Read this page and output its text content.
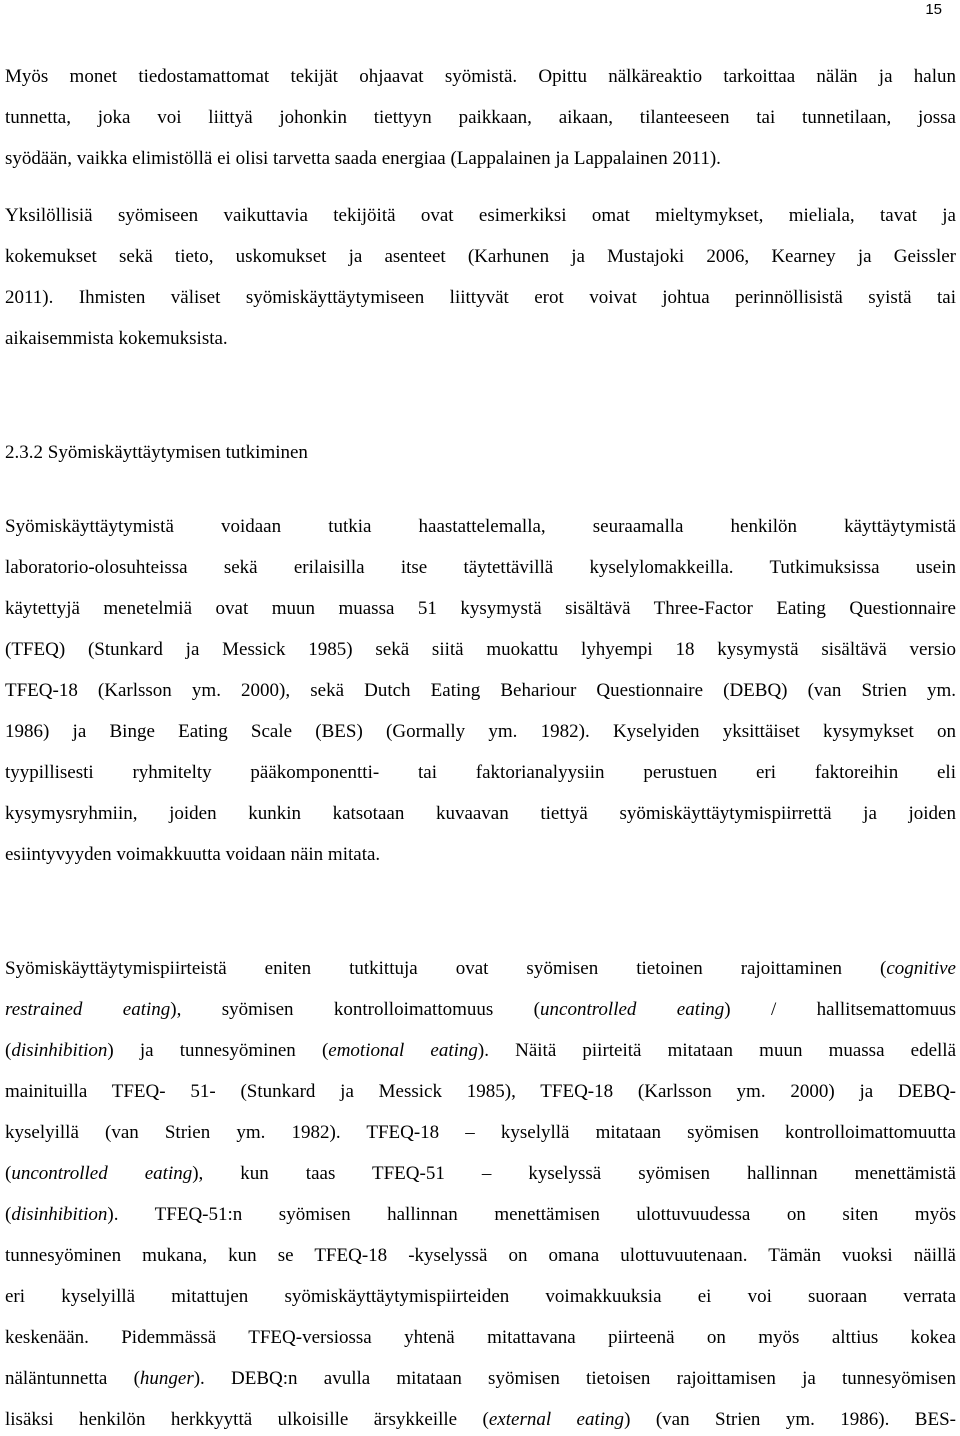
15
Myös monet tiedostamattomat tekijät ohjaavat syömistä. Opittu nälkäreaktio tarkoittaa nälän ja halun
tunnetta, joka voi liittyä johonkin tiettyyn paikkaan, aikaan, tilanteeseen tai tunnetilaan, jossa
syödään, vaikka elimistöllä ei olisi tarvetta saada energiaa (Lappalainen ja Lappalainen 2011).
Yksilöllisiä syömiseen vaikuttavia tekijöitä ovat esimerkiksi omat mieltymykset, mieliala, tavat ja
kokemukset sekä tieto, uskomukset ja asenteet (Karhunen ja Mustajoki 2006, Kearney ja Geissler
2011). Ihmisten väliset syömiskäyttäytymiseen liittyvät erot voivat johtua perinnöllisistä syistä tai
aikaisemmista kokemuksista.
2.3.2 Syömiskäyttäytymisen tutkiminen
Syömiskäyttäytymistä voidaan tutkia haastattelemalla, seuraamalla henkilön käyttäytymistä
laboratorio-olosuhteissa sekä erilaisilla itse täytettävillä kyselylomakkeilla. Tutkimuksissa usein
käytettyjä menetelmiä ovat muun muassa 51 kysymystä sisältävä Three-Factor Eating Questionnaire
(TFEQ) (Stunkard ja Messick 1985) sekä siitä muokattu lyhyempi 18 kysymystä sisältävä versio
TFEQ-18 (Karlsson ym. 2000), sekä Dutch Eating Behariour Questionnaire (DEBQ) (van Strien ym.
1986) ja Binge Eating Scale (BES) (Gormally ym. 1982). Kyselyiden yksittäiset kysymykset on
tyypillisesti ryhmitelty pääkomponentti- tai faktorianalyysiin perustuen eri faktoreihin eli
kysymysryhmiin, joiden kunkin katsotaan kuvaavan tiettyä syömiskäyttäytymispiirrettä ja joiden
esiintyvyyden voimakkuutta voidaan näin mitata.
Syömiskäyttäytymispiirteistä eniten tutkittuja ovat syömisen tietoinen rajoittaminen (cognitive
restrained eating), syömisen kontrolloimattomuus (uncontrolled eating) / hallitsemattomuus
(disinhibition) ja tunnesyöminen (emotional eating). Näitä piirteitä mitataan muun muassa edellä
mainituilla TFEQ- 51- (Stunkard ja Messick 1985), TFEQ-18 (Karlsson ym. 2000) ja DEBQ-
kyselyillä (van Strien ym. 1982). TFEQ-18 – kyselyllä mitataan syömisen kontrolloimattomuutta
(uncontrolled eating), kun taas TFEQ-51 – kyselyssä syömisen hallinnan menettämistä
(disinhibition). TFEQ-51:n syömisen hallinnan menettämisen ulottuvuudessa on siten myös
tunnesyöminen mukana, kun se TFEQ-18 -kyselyssä on omana ulottuvuutenaan. Tämän vuoksi näillä
eri kyselyillä mitattujen syömiskäyttäytymispiirteiden voimakkuuksia ei voi suoraan verrata
keskenään. Pidemmässä TFEQ-versiossa yhtenä mitattavana piirteenä on myös alttius kokea
näläntunnetta (hunger). DEBQ:n avulla mitataan syömisen tietoisen rajoittamisen ja tunnesyömisen
lisäksi henkilön herkkyyttä ulkoisille ärsykkeille (external eating) (van Strien ym. 1986). BES-
